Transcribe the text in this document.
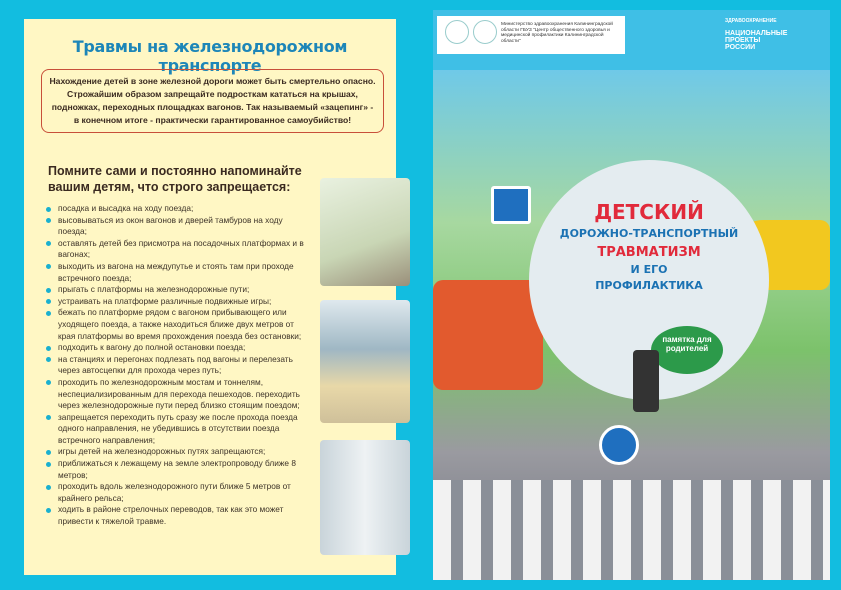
Травмы на железнодорожном транспорте
Нахождение детей в зоне железной дороги может быть смертельно опасно. Строжайшим образом запрещайте подросткам кататься на крышах, подножках, переходных площадках вагонов. Так называемый «зацепинг» - в конечном итоге - практически гарантированное самоубийство!
Помните сами и постоянно напоминайте вашим детям, что строго запрещается:
посадка и высадка на ходу поезда;
высовываться из окон вагонов и дверей тамбуров на ходу поезда;
оставлять детей без присмотра на посадочных платформах и в вагонах;
выходить из вагона на междупутье и стоять там при проходе встречного поезда;
прыгать с платформы на железнодорожные пути;
устраивать на платформе различные подвижные игры;
бежать по платформе рядом с вагоном прибывающего или уходящего поезда, а также находиться ближе двух метров от края платформы во время прохождения поезда без остановки;
подходить к вагону до полной остановки поезда;
на станциях и перегонах подлезать под вагоны и перелезать через автосцепки для прохода через путь;
проходить по железнодорожным мостам и тоннелям, неспециализированным для перехода пешеходов. переходить через железнодорожные пути перед близко стоящим поездом;
запрещается переходить путь сразу же после прохода поезда одного направления, не убедившись в отсутствии поезда встречного направления;
игры детей на железнодорожных путях запрещаются;
приближаться к лежащему на земле электропроводу ближе 8 метров;
проходить вдоль железнодорожного пути ближе 5 метров от крайнего рельса;
ходить в районе стрелочных переводов, так как это может привести к тяжелой травме.
Министерство здравоохранения Калининградской области ГБУЗ "Центр общественного здоровья и медицинской профилактики Калининградской области"
ЗДРАВООХРАНЕНИЕ
НАЦИОНАЛЬНЫЕ ПРОЕКТЫ РОССИИ
ДЕТСКИЙ
ДОРОЖНО-ТРАНСПОРТНЫЙ
ТРАВМАТИЗМ
И ЕГО
ПРОФИЛАКТИКА
памятка для родителей
